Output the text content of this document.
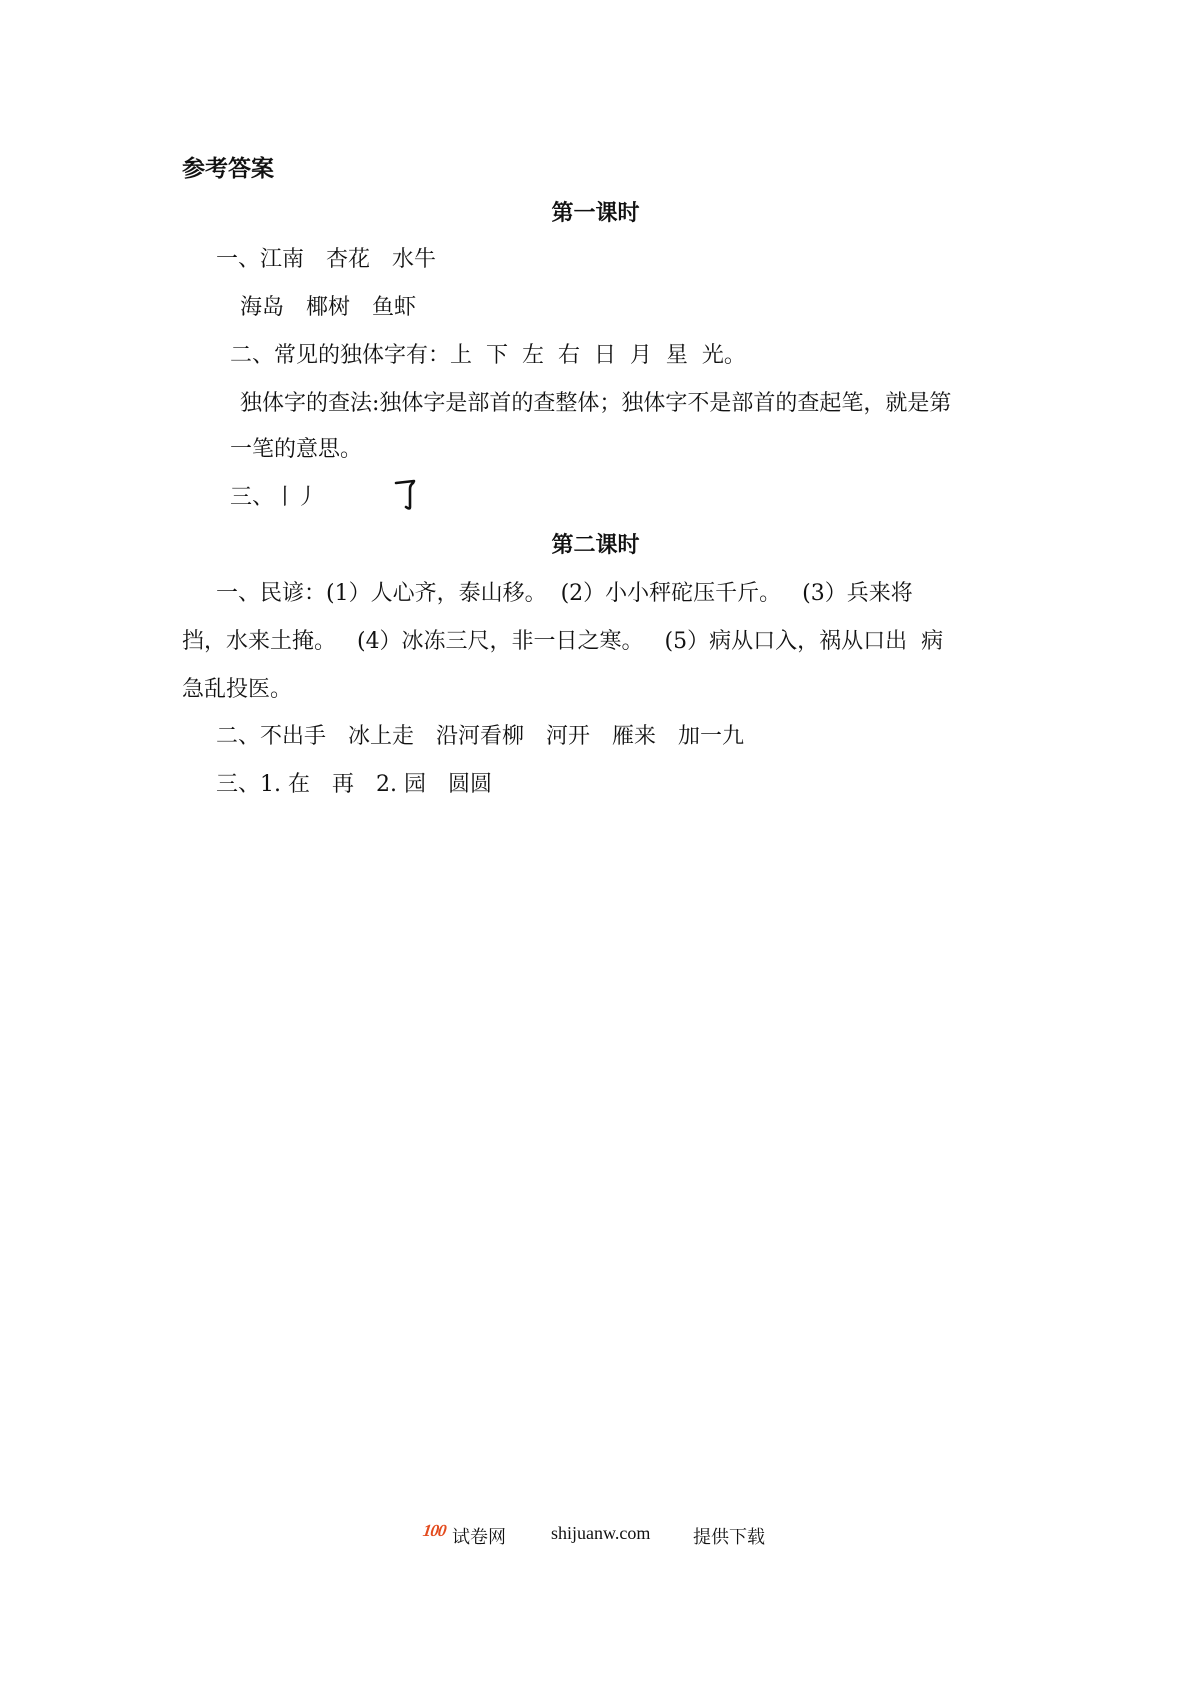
参考答案
第一课时
一、江南　杏花　水牛
海岛　椰树　鱼虾
二、常见的独体字有：上  下  左  右  日  月  星  光。
独体字的查法:独体字是部首的查整体；独体字不是部首的查起笔，就是第
一笔的意思。
三、丨丿
第二课时
一、民谚：(1）人心齐，泰山移。  (2）小小秤砣压千斤。   (3）兵来将
挡，水来土掩。   (4）冰冻三尺，非一日之寒。   (5）病从口入，祸从口出  病
急乱投医。
二、不出手　冰上走　沿河看柳　河开　雁来　加一九
三、1. 在　再　2. 园　圆圆
100 试卷网	shijuanw.com 提供下载
